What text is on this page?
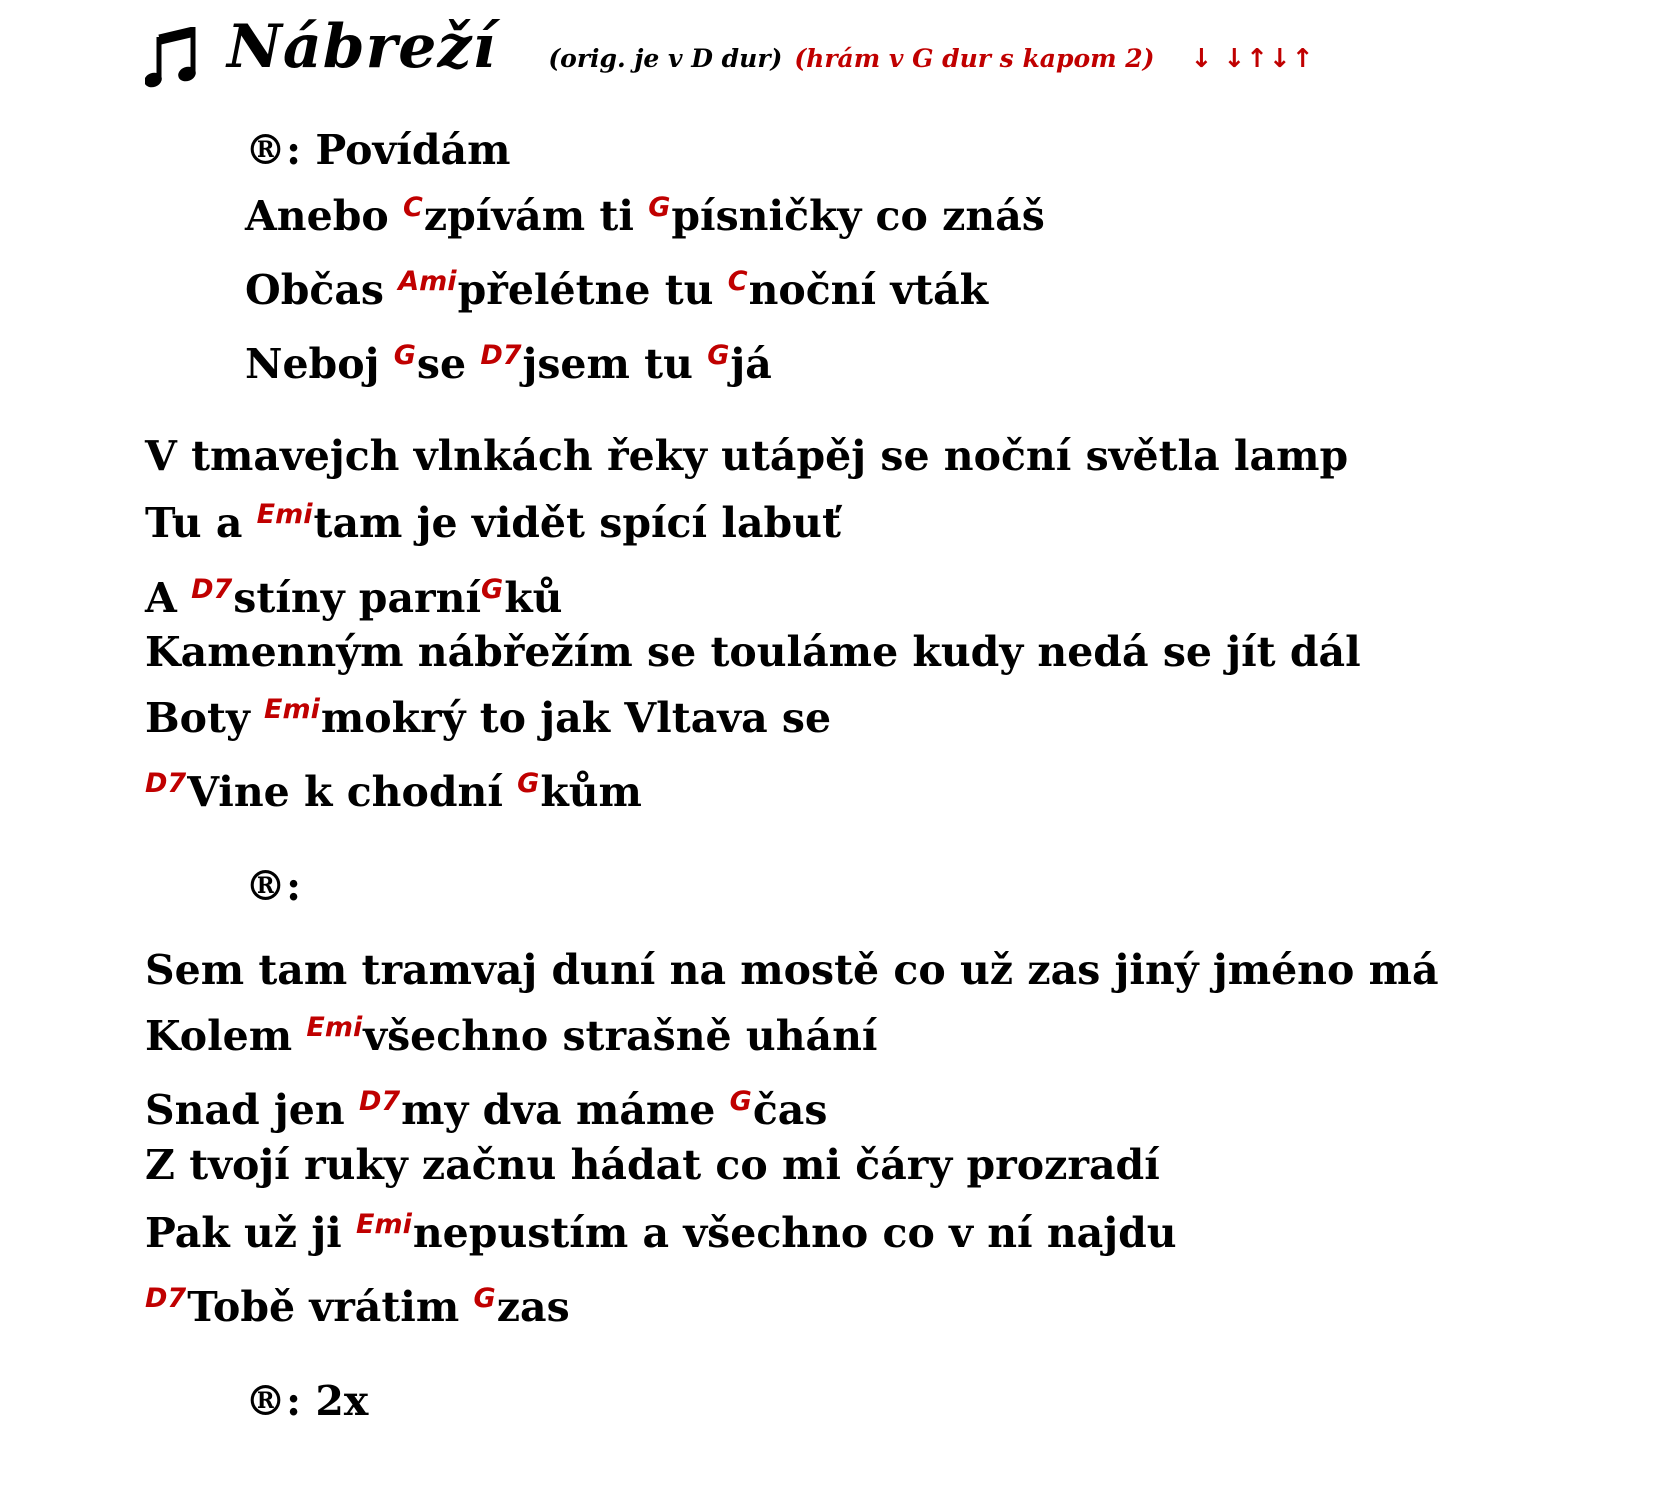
Nábreží (orig. je v D dur) (hrám v G dur s kapom 2) ↓ ↓↑↓↑
®: Povídám
Anebo $^C$zpívám ti $^G$písničky co znáš
Občas $^{Ami}$přelétne tu $^C$noční vták
Neboj $^G$se $^{D7}$jsem tu $^G$já
V tmavejch vlnkách řeky utápěj se noční světla lamp
Tu a $^{Emi}$tam je vidět spící labuť
A $^{D7}$stíny parní$^G$ků
Kamenným nábřežím se touláme kudy nedá se jít dál
Boty $^{Emi}$mokrý to jak Vltava se
$^{D7}$Vine k chodní $^G$kům
®:
Sem tam tramvaj duní na mostě co už zas jiný jméno má
Kolem $^{Emi}$všechno strašně uhání
Snad jen $^{D7}$my dva máme $^G$čas
Z tvojí ruky začnu hádat co mi čáry prozradí
Pak už ji $^{Emi}$nepustím a všechno co v ní najdu
$^{D7}$Tobě vrátim $^G$zas
®: 2x
